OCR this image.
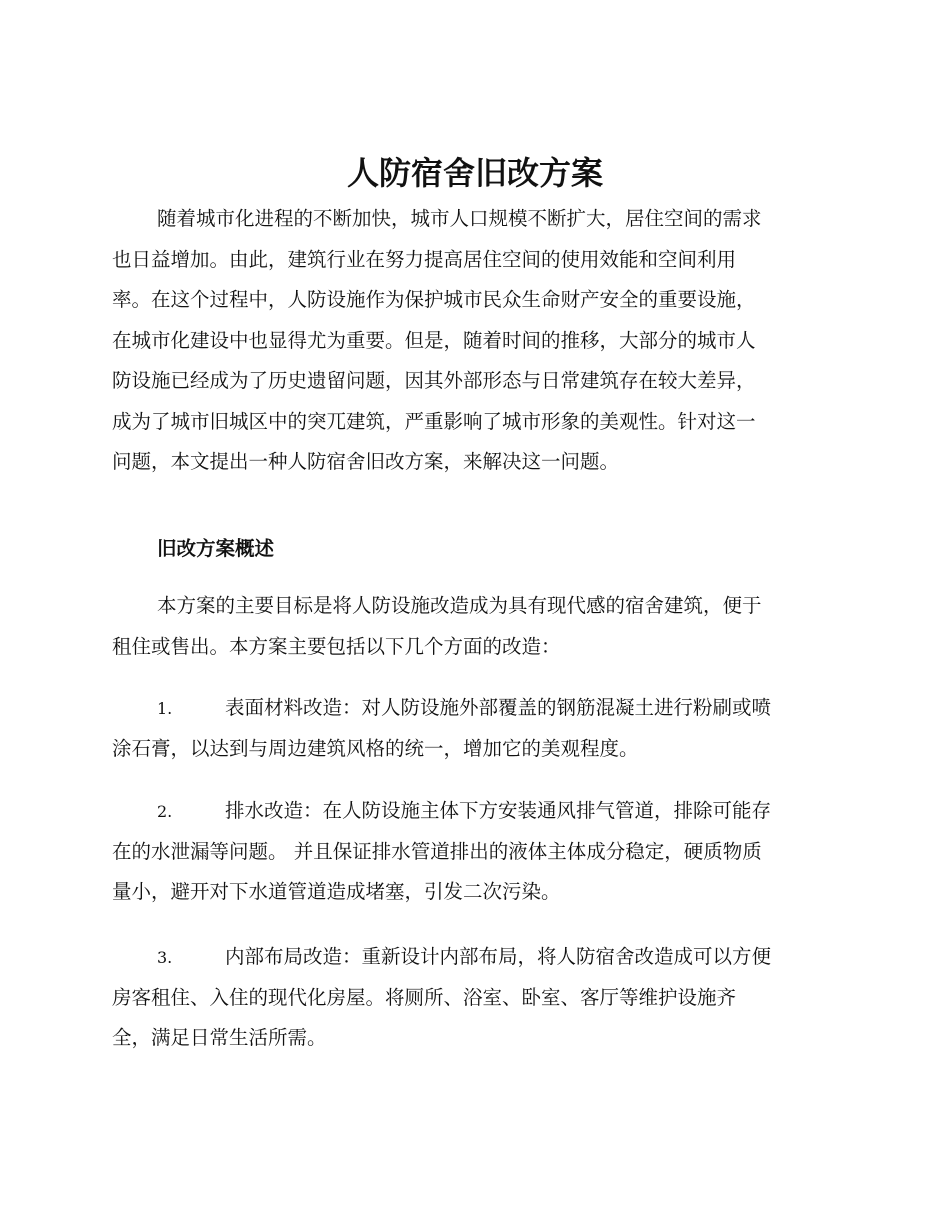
人防宿舍旧改方案
随着城市化进程的不断加快，城市人口规模不断扩大，居住空间的需求
也日益增加。由此，建筑行业在努力提高居住空间的使用效能和空间利用
率。在这个过程中，人防设施作为保护城市民众生命财产安全的重要设施，
在城市化建设中也显得尤为重要。但是，随着时间的推移，大部分的城市人
防设施已经成为了历史遗留问题，因其外部形态与日常建筑存在较大差异，
成为了城市旧城区中的突兀建筑，严重影响了城市形象的美观性。针对这一
问题，本文提出一种人防宿舍旧改方案，来解决这一问题。
旧改方案概述
本方案的主要目标是将人防设施改造成为具有现代感的宿舍建筑，便于
租住或售出。本方案主要包括以下几个方面的改造：
1.	表面材料改造：对人防设施外部覆盖的钢筋混凝土进行粉刷或喷
涂石膏，以达到与周边建筑风格的统一，增加它的美观程度。
2.	排水改造：在人防设施主体下方安装通风排气管道，排除可能存
在的水泄漏等问题。 并且保证排水管道排出的液体主体成分稳定，硬质物质
量小，避开对下水道管道造成堵塞，引发二次污染。
3.	内部布局改造：重新设计内部布局，将人防宿舍改造成可以方便
房客租住、入住的现代化房屋。将厕所、浴室、卧室、客厅等维护设施齐
全，满足日常生活所需。
